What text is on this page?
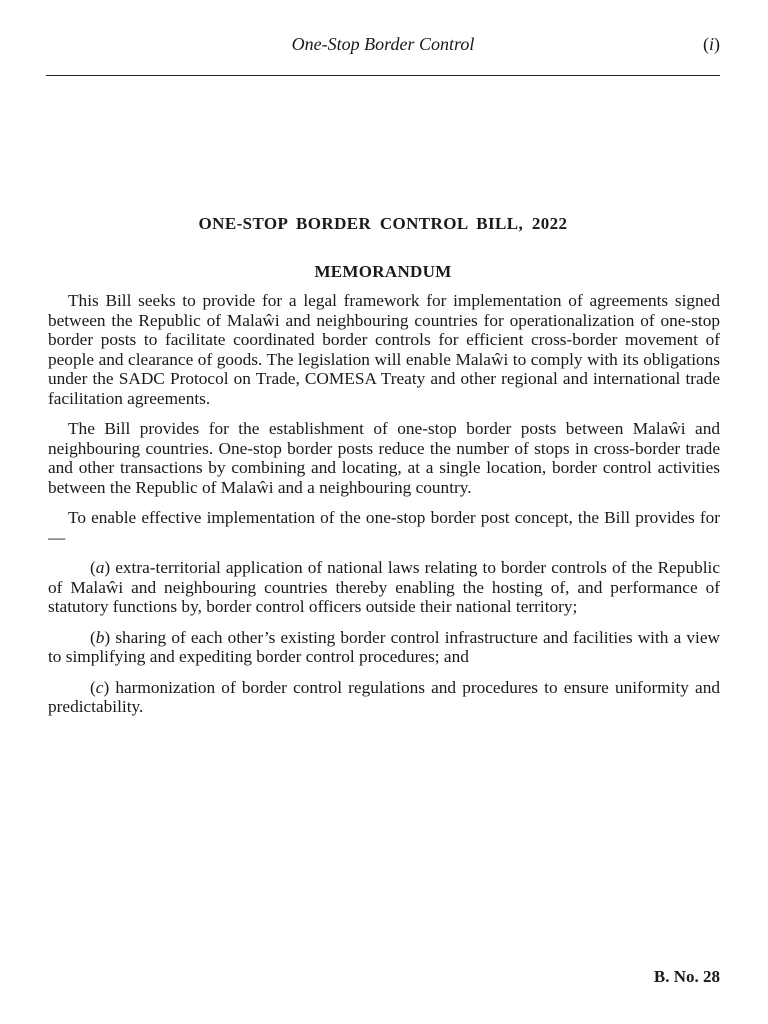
One-Stop Border Control	(i)
ONE-STOP BORDER CONTROL BILL, 2022
MEMORANDUM

This Bill seeks to provide for a legal framework for implementation of agreements signed between the Republic of Malaŵi and neighbouring countries for operationalization of one-stop border posts to facilitate coordinated border controls for efficient cross-border movement of people and clearance of goods. The legislation will enable Malaŵi to comply with its obligations under the SADC Protocol on Trade, COMESA Treaty and other regional and international trade facilitation agreements.

The Bill provides for the establishment of one-stop border posts between Malaŵi and neighbouring countries. One-stop border posts reduce the number of stops in cross-border trade and other transactions by combining and locating, at a single location, border control activities between the Republic of Malaŵi and a neighbouring country.

To enable effective implementation of the one-stop border post concept, the Bill provides for—

(a) extra-territorial application of national laws relating to border controls of the Republic of Malaŵi and neighbouring countries thereby enabling the hosting of, and performance of statutory functions by, border control officers outside their national territory;

(b) sharing of each other’s existing border control infrastructure and facilities with a view to simplifying and expediting border control procedures; and

(c) harmonization of border control regulations and procedures to ensure uniformity and predictability.

B. No. 28
